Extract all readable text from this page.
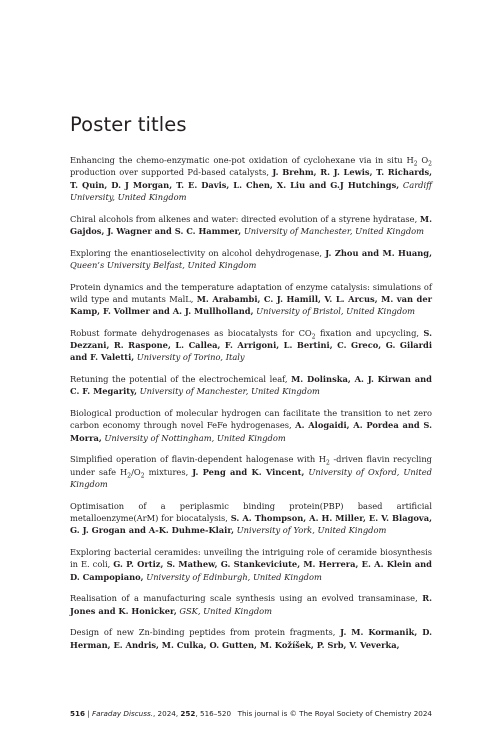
Poster titles

Enhancing the chemo-enzymatic one-pot oxidation of cyclohexane via in situ $H_2$ $O_2$ production over supported Pd-based catalysts, J. Brehm, R. J. Lewis, T. Richards, T. Quin, D. J Morgan, T. E. Davis, L. Chen, X. Liu and G.J Hutchings, Cardiff University, United Kingdom

Chiral alcohols from alkenes and water: directed evolution of a styrene hydratase, M. Gajdos, J. Wagner and S. C. Hammer, University of Manchester, United Kingdom

Exploring the enantioselectivity on alcohol dehydrogenase, J. Zhou and M. Huang, Queen’s University Belfast, United Kingdom

Protein dynamics and the temperature adaptation of enzyme catalysis: simulations of wild type and mutants MalL, M. Arabambi, C. J. Hamill, V. L. Arcus, M. van der Kamp, F. Vollmer and A. J. Mullholland, University of Bristol, United Kingdom

Robust formate dehydrogenases as biocatalysts for $CO_2$ fixation and upcycling, S. Dezzani, R. Raspone, L. Callea, F. Arrigoni, L. Bertini, C. Greco, G. Gilardi and F. Valetti, University of Torino, Italy

Retuning the potential of the electrochemical leaf, M. Dolinska, A. J. Kirwan and C. F. Megarity, University of Manchester, United Kingdom

Biological production of molecular hydrogen can facilitate the transition to net zero carbon economy through novel FeFe hydrogenases, A. Alogaidi, A. Pordea and S. Morra, University of Nottingham, United Kingdom

Simplified operation of flavin-dependent halogenase with $H_2$ -driven flavin recycling under safe $H_2/O_2$ mixtures, J. Peng and K. Vincent, University of Oxford, United Kingdom

Optimisation of a periplasmic binding protein(PBP) based artificial metalloenzyme(ArM) for biocatalysis, S. A. Thompson, A. H. Miller, E. V. Blagova, G. J. Grogan and A-K. Duhme-Klair, University of York, United Kingdom

Exploring bacterial ceramides: unveiling the intriguing role of ceramide biosynthesis in E. coli, G. P. Ortiz, S. Mathew, G. Stankeviciute, M. Herrera, E. A. Klein and D. Campopiano, University of Edinburgh, United Kingdom

Realisation of a manufacturing scale synthesis using an evolved transaminase, R. Jones and K. Honicker, GSK, United Kingdom

Design of new Zn-binding peptides from protein fragments, J. M. Kormanik, D. Herman, E. Andris, M. Culka, O. Gutten, M. Kožíšek, P. Srb, V. Veverka,

516 | Faraday Discuss., 2024, 252, 516–520 This journal is © The Royal Society of Chemistry 2024
